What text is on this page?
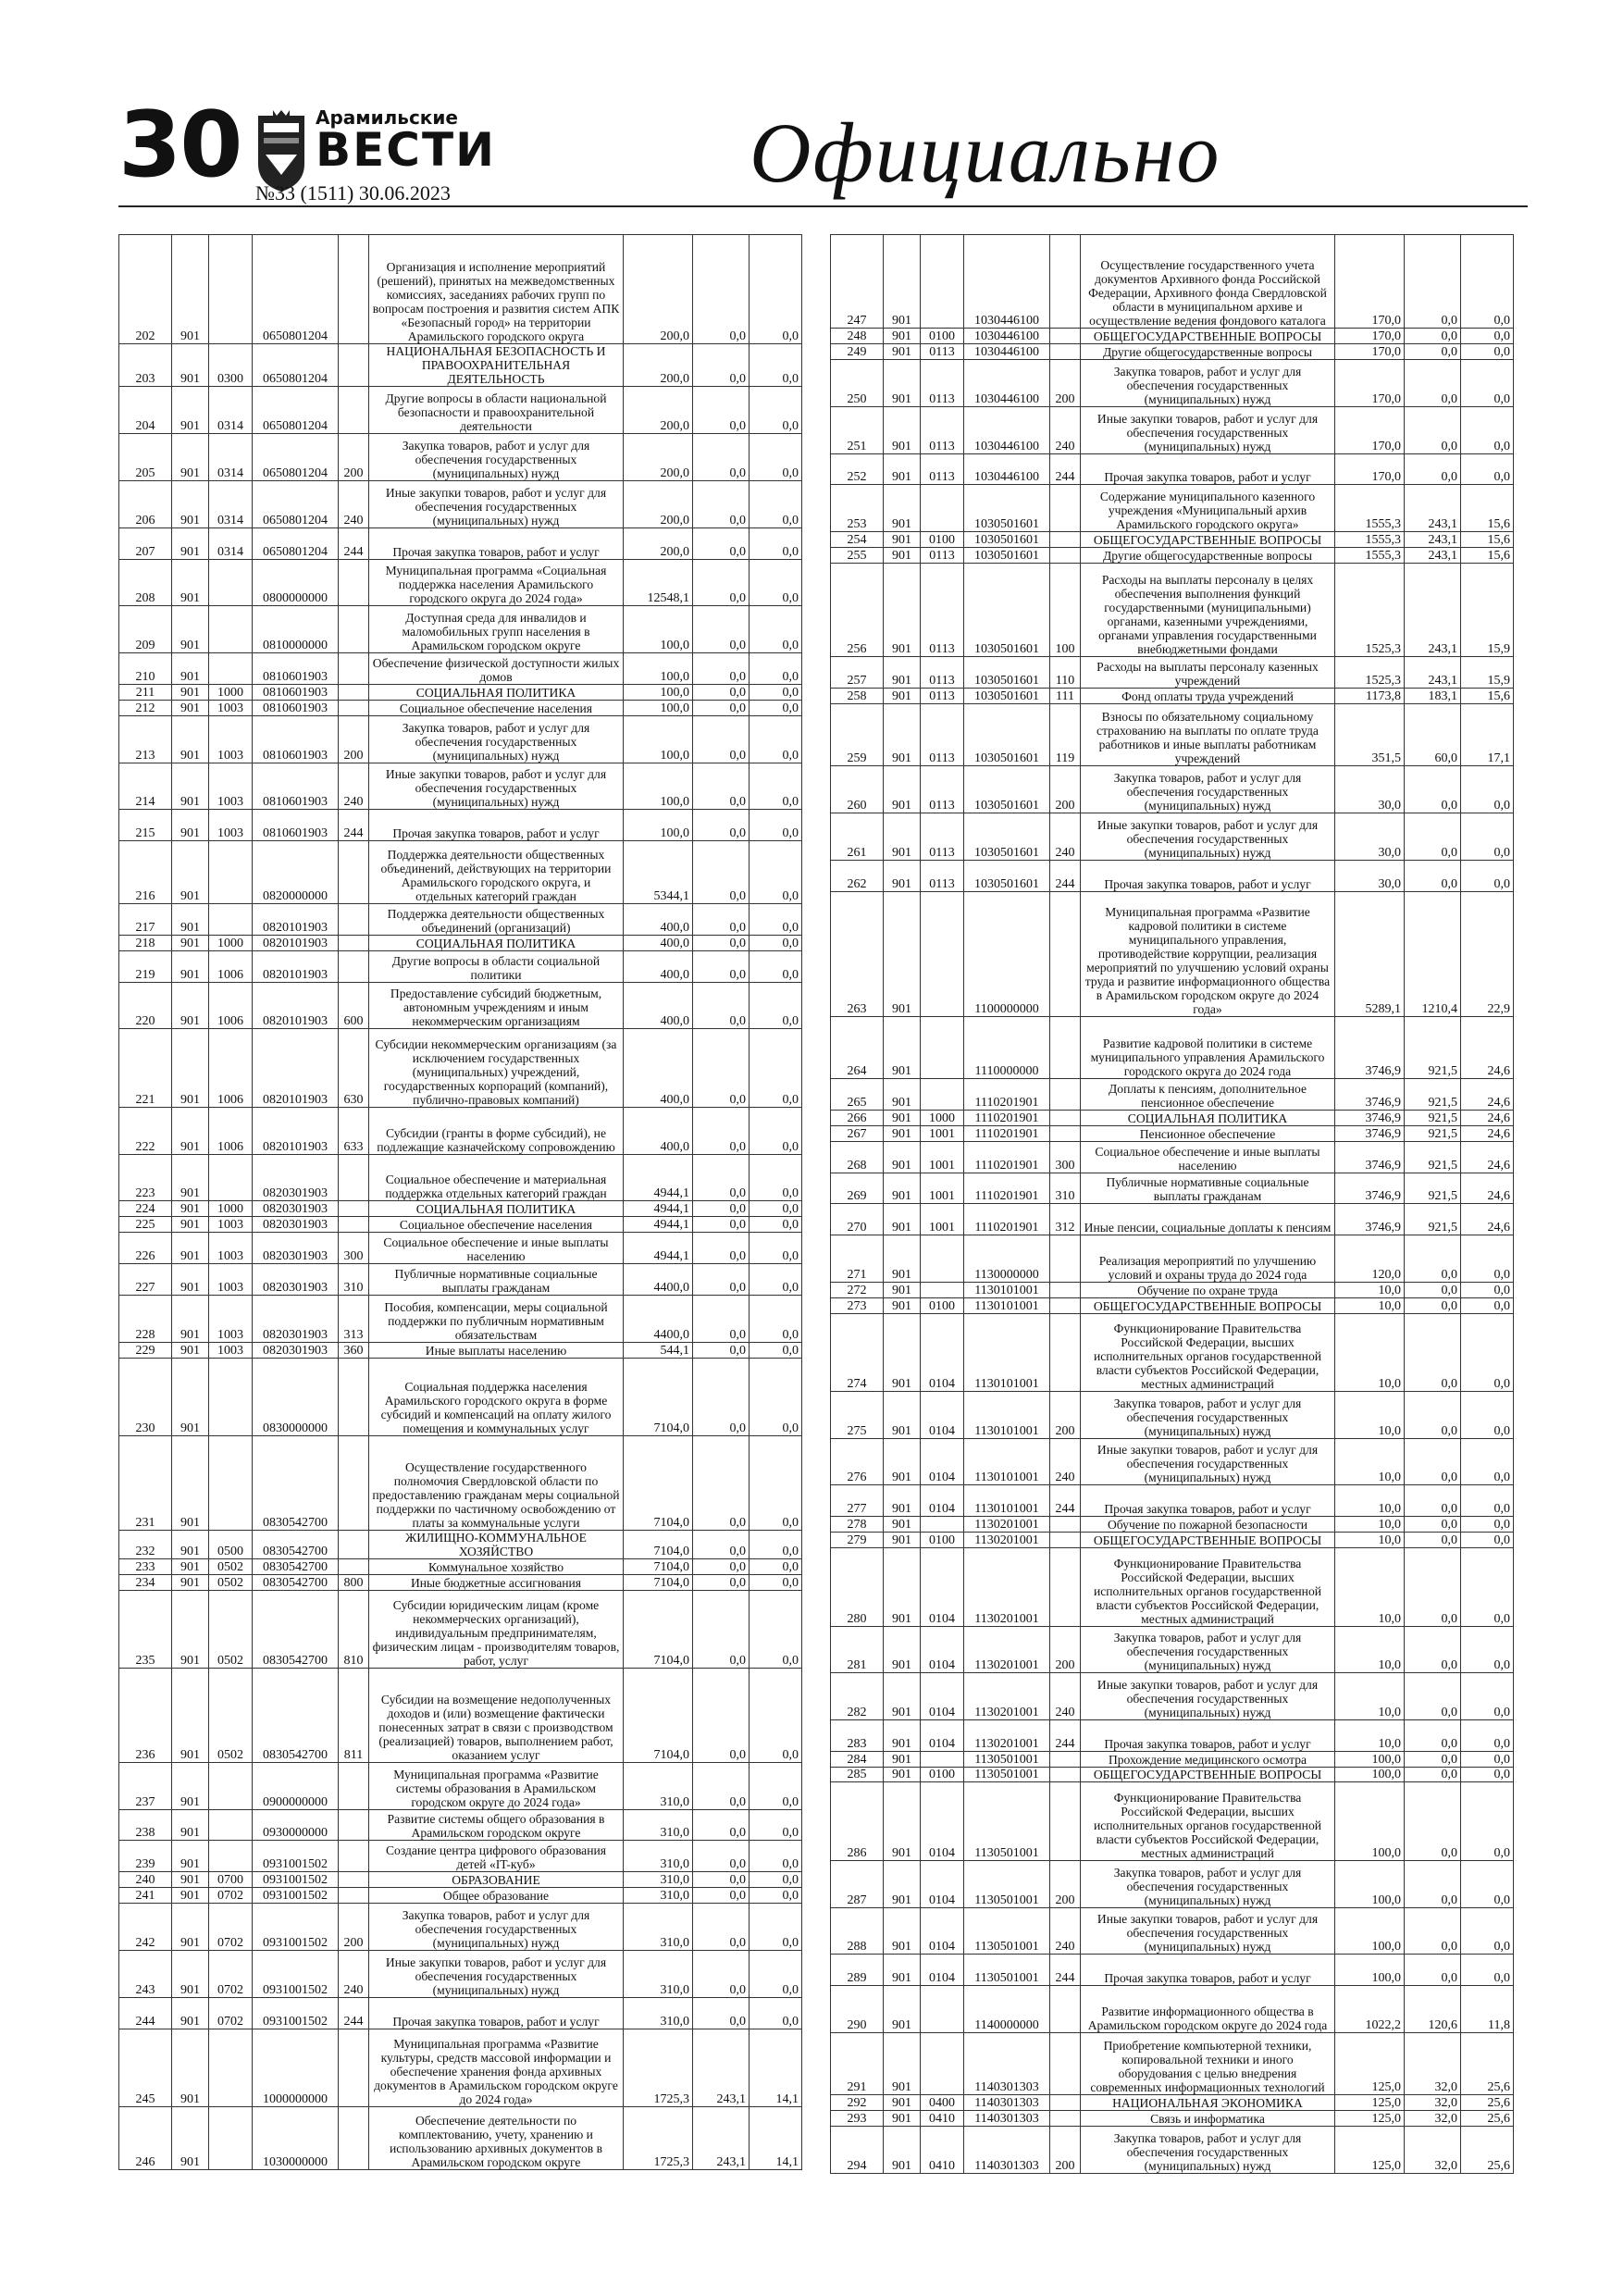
30	Арамильские
ВЕСТИ
№33 (1511) 30.06.2023	Официально
202	901		0650801204		Организация и исполнение мероприятий (решений), принятых на межведомственных комиссиях, заседаниях рабочих групп по вопросам построения и развития систем АПК «Безопасный город» на территории Арамильского городского округа	200,0	0,0	0,0
203	901	0300	0650801204		НАЦИОНАЛЬНАЯ БЕЗОПАСНОСТЬ И ПРАВООХРАНИТЕЛЬНАЯ ДЕЯТЕЛЬНОСТЬ	200,0	0,0	0,0
204	901	0314	0650801204		Другие вопросы в области национальной безопасности и правоохранительной деятельности	200,0	0,0	0,0
205	901	0314	0650801204	200	Закупка товаров, работ и услуг для обеспечения государственных (муниципальных) нужд	200,0	0,0	0,0
206	901	0314	0650801204	240	Иные закупки товаров, работ и услуг для обеспечения государственных (муниципальных) нужд	200,0	0,0	0,0
207	901	0314	0650801204	244	Прочая закупка товаров, работ и услуг	200,0	0,0	0,0
208	901		0800000000		Муниципальная программа «Социальная поддержка населения Арамильского городского округа до 2024 года»	12548,1	0,0	0,0
209	901		0810000000		Доступная среда для инвалидов и маломобильных групп населения в Арамильском городском округе	100,0	0,0	0,0
210	901		0810601903		Обеспечение физической доступности жилых домов	100,0	0,0	0,0
211	901	1000	0810601903		СОЦИАЛЬНАЯ ПОЛИТИКА	100,0	0,0	0,0
212	901	1003	0810601903		Социальное обеспечение населения	100,0	0,0	0,0
213	901	1003	0810601903	200	Закупка товаров, работ и услуг для обеспечения государственных (муниципальных) нужд	100,0	0,0	0,0
214	901	1003	0810601903	240	Иные закупки товаров, работ и услуг для обеспечения государственных (муниципальных) нужд	100,0	0,0	0,0
215	901	1003	0810601903	244	Прочая закупка товаров, работ и услуг	100,0	0,0	0,0
216	901		0820000000		Поддержка деятельности общественных объединений, действующих на территории Арамильского городского округа, и отдельных категорий граждан	5344,1	0,0	0,0
217	901		0820101903		Поддержка деятельности общественных объединений (организаций)	400,0	0,0	0,0
218	901	1000	0820101903		СОЦИАЛЬНАЯ ПОЛИТИКА	400,0	0,0	0,0
219	901	1006	0820101903		Другие вопросы в области социальной политики	400,0	0,0	0,0
220	901	1006	0820101903	600	Предоставление субсидий бюджетным, автономным учреждениям и иным некоммерческим организациям	400,0	0,0	0,0
221	901	1006	0820101903	630	Субсидии некоммерческим организациям (за исключением государственных (муниципальных) учреждений, государственных корпораций (компаний), публично-правовых компаний)	400,0	0,0	0,0
222	901	1006	0820101903	633	Субсидии (гранты в форме субсидий), не подлежащие казначейскому сопровождению	400,0	0,0	0,0
223	901		0820301903		Социальное обеспечение и материальная поддержка отдельных категорий граждан	4944,1	0,0	0,0
224	901	1000	0820301903		СОЦИАЛЬНАЯ ПОЛИТИКА	4944,1	0,0	0,0
225	901	1003	0820301903		Социальное обеспечение населения	4944,1	0,0	0,0
226	901	1003	0820301903	300	Социальное обеспечение и иные выплаты населению	4944,1	0,0	0,0
227	901	1003	0820301903	310	Публичные нормативные социальные выплаты гражданам	4400,0	0,0	0,0
228	901	1003	0820301903	313	Пособия, компенсации, меры социальной поддержки по публичным нормативным обязательствам	4400,0	0,0	0,0
229	901	1003	0820301903	360	Иные выплаты населению	544,1	0,0	0,0
230	901		0830000000		Социальная поддержка населения Арамильского городского округа в форме субсидий и компенсаций на оплату жилого помещения и коммунальных услуг	7104,0	0,0	0,0
231	901		0830542700		Осуществление государственного полномочия Свердловской области по предоставлению гражданам меры социальной поддержки по частичному освобождению от платы за коммунальные услуги	7104,0	0,0	0,0
232	901	0500	0830542700		ЖИЛИЩНО-КОММУНАЛЬНОЕ ХОЗЯЙСТВО	7104,0	0,0	0,0
233	901	0502	0830542700		Коммунальное хозяйство	7104,0	0,0	0,0
234	901	0502	0830542700	800	Иные бюджетные ассигнования	7104,0	0,0	0,0
235	901	0502	0830542700	810	Субсидии юридическим лицам (кроме некоммерческих организаций), индивидуальным предпринимателям, физическим лицам - производителям товаров, работ, услуг	7104,0	0,0	0,0
236	901	0502	0830542700	811	Субсидии на возмещение недополученных доходов и (или) возмещение фактически понесенных затрат в связи с производством (реализацией) товаров, выполнением работ, оказанием услуг	7104,0	0,0	0,0
237	901		0900000000		Муниципальная программа «Развитие системы образования в Арамильском городском округе до 2024 года»	310,0	0,0	0,0
238	901		0930000000		Развитие системы общего образования в Арамильском городском округе	310,0	0,0	0,0
239	901		0931001502		Создание центра цифрового образования детей «IT-куб»	310,0	0,0	0,0
240	901	0700	0931001502		ОБРАЗОВАНИЕ	310,0	0,0	0,0
241	901	0702	0931001502		Общее образование	310,0	0,0	0,0
242	901	0702	0931001502	200	Закупка товаров, работ и услуг для обеспечения государственных (муниципальных) нужд	310,0	0,0	0,0
243	901	0702	0931001502	240	Иные закупки товаров, работ и услуг для обеспечения государственных (муниципальных) нужд	310,0	0,0	0,0
244	901	0702	0931001502	244	Прочая закупка товаров, работ и услуг	310,0	0,0	0,0
245	901		1000000000		Муниципальная программа «Развитие культуры, средств массовой информации и обеспечение хранения фонда архивных документов в Арамильском городском округе до 2024 года»	1725,3	243,1	14,1
246	901		1030000000		Обеспечение деятельности по комплектованию, учету, хранению и использованию архивных документов в Арамильском городском округе	1725,3	243,1	14,1
247	901		1030446100		Осуществление государственного учета документов Архивного фонда Российской Федерации, Архивного фонда Свердловской области в муниципальном архиве и осуществление ведения фондового каталога	170,0	0,0	0,0
248	901	0100	1030446100		ОБЩЕГОСУДАРСТВЕННЫЕ ВОПРОСЫ	170,0	0,0	0,0
249	901	0113	1030446100		Другие общегосударственные вопросы	170,0	0,0	0,0
250	901	0113	1030446100	200	Закупка товаров, работ и услуг для обеспечения государственных (муниципальных) нужд	170,0	0,0	0,0
251	901	0113	1030446100	240	Иные закупки товаров, работ и услуг для обеспечения государственных (муниципальных) нужд	170,0	0,0	0,0
252	901	0113	1030446100	244	Прочая закупка товаров, работ и услуг	170,0	0,0	0,0
253	901		1030501601		Содержание муниципального казенного учреждения «Муниципальный архив Арамильского городского округа»	1555,3	243,1	15,6
254	901	0100	1030501601		ОБЩЕГОСУДАРСТВЕННЫЕ ВОПРОСЫ	1555,3	243,1	15,6
255	901	0113	1030501601		Другие общегосударственные вопросы	1555,3	243,1	15,6
256	901	0113	1030501601	100	Расходы на выплаты персоналу в целях обеспечения выполнения функций государственными (муниципальными) органами, казенными учреждениями, органами управления государственными внебюджетными фондами	1525,3	243,1	15,9
257	901	0113	1030501601	110	Расходы на выплаты персоналу казенных учреждений	1525,3	243,1	15,9
258	901	0113	1030501601	111	Фонд оплаты труда учреждений	1173,8	183,1	15,6
259	901	0113	1030501601	119	Взносы по обязательному социальному страхованию на выплаты по оплате труда работников и иные выплаты работникам учреждений	351,5	60,0	17,1
260	901	0113	1030501601	200	Закупка товаров, работ и услуг для обеспечения государственных (муниципальных) нужд	30,0	0,0	0,0
261	901	0113	1030501601	240	Иные закупки товаров, работ и услуг для обеспечения государственных (муниципальных) нужд	30,0	0,0	0,0
262	901	0113	1030501601	244	Прочая закупка товаров, работ и услуг	30,0	0,0	0,0
263	901		1100000000		Муниципальная программа «Развитие кадровой политики в системе муниципального управления, противодействие коррупции, реализация мероприятий по улучшению условий охраны труда и развитие информационного общества в Арамильском городском округе до 2024 года»	5289,1	1210,4	22,9
264	901		1110000000		Развитие кадровой политики в системе муниципального управления Арамильского городского округа до 2024 года	3746,9	921,5	24,6
265	901		1110201901		Доплаты к пенсиям, дополнительное пенсионное обеспечение	3746,9	921,5	24,6
266	901	1000	1110201901		СОЦИАЛЬНАЯ ПОЛИТИКА	3746,9	921,5	24,6
267	901	1001	1110201901		Пенсионное обеспечение	3746,9	921,5	24,6
268	901	1001	1110201901	300	Социальное обеспечение и иные выплаты населению	3746,9	921,5	24,6
269	901	1001	1110201901	310	Публичные нормативные социальные выплаты гражданам	3746,9	921,5	24,6
270	901	1001	1110201901	312	Иные пенсии, социальные доплаты к пенсиям	3746,9	921,5	24,6
271	901		1130000000		Реализация мероприятий по улучшению условий и охраны труда до 2024 года	120,0	0,0	0,0
272	901		1130101001		Обучение по охране труда	10,0	0,0	0,0
273	901	0100	1130101001		ОБЩЕГОСУДАРСТВЕННЫЕ ВОПРОСЫ	10,0	0,0	0,0
274	901	0104	1130101001		Функционирование Правительства Российской Федерации, высших исполнительных органов государственной власти субъектов Российской Федерации, местных администраций	10,0	0,0	0,0
275	901	0104	1130101001	200	Закупка товаров, работ и услуг для обеспечения государственных (муниципальных) нужд	10,0	0,0	0,0
276	901	0104	1130101001	240	Иные закупки товаров, работ и услуг для обеспечения государственных (муниципальных) нужд	10,0	0,0	0,0
277	901	0104	1130101001	244	Прочая закупка товаров, работ и услуг	10,0	0,0	0,0
278	901		1130201001		Обучение по пожарной безопасности	10,0	0,0	0,0
279	901	0100	1130201001		ОБЩЕГОСУДАРСТВЕННЫЕ ВОПРОСЫ	10,0	0,0	0,0
280	901	0104	1130201001		Функционирование Правительства Российской Федерации, высших исполнительных органов государственной власти субъектов Российской Федерации, местных администраций	10,0	0,0	0,0
281	901	0104	1130201001	200	Закупка товаров, работ и услуг для обеспечения государственных (муниципальных) нужд	10,0	0,0	0,0
282	901	0104	1130201001	240	Иные закупки товаров, работ и услуг для обеспечения государственных (муниципальных) нужд	10,0	0,0	0,0
283	901	0104	1130201001	244	Прочая закупка товаров, работ и услуг	10,0	0,0	0,0
284	901		1130501001		Прохождение медицинского осмотра	100,0	0,0	0,0
285	901	0100	1130501001		ОБЩЕГОСУДАРСТВЕННЫЕ ВОПРОСЫ	100,0	0,0	0,0
286	901	0104	1130501001		Функционирование Правительства Российской Федерации, высших исполнительных органов государственной власти субъектов Российской Федерации, местных администраций	100,0	0,0	0,0
287	901	0104	1130501001	200	Закупка товаров, работ и услуг для обеспечения государственных (муниципальных) нужд	100,0	0,0	0,0
288	901	0104	1130501001	240	Иные закупки товаров, работ и услуг для обеспечения государственных (муниципальных) нужд	100,0	0,0	0,0
289	901	0104	1130501001	244	Прочая закупка товаров, работ и услуг	100,0	0,0	0,0
290	901		1140000000		Развитие информационного общества в Арамильском городском округе до 2024 года	1022,2	120,6	11,8
291	901		1140301303		Приобретение компьютерной техники, копировальной техники и иного оборудования с целью внедрения современных информационных технологий	125,0	32,0	25,6
292	901	0400	1140301303		НАЦИОНАЛЬНАЯ ЭКОНОМИКА	125,0	32,0	25,6
293	901	0410	1140301303		Связь и информатика	125,0	32,0	25,6
294	901	0410	1140301303	200	Закупка товаров, работ и услуг для обеспечения государственных (муниципальных) нужд	125,0	32,0	25,6
